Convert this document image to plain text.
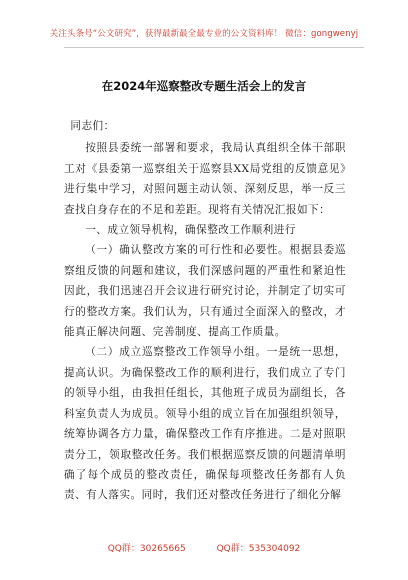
关注头条号“公文研究”，获得最新最全最专业的公文资料库！ 微信：gongwenyj
在2024年巡察整改专题生活会上的发言

同志们：

按照县委统一部署和要求，我局认真组织全体干部职工对《县委第一巡察组关于巡察县XX局党组的反馈意见》进行集中学习，对照问题主动认领、深刻反思，举一反三查找自身存在的不足和差距。现将有关情况汇报如下：

一、成立领导机构，确保整改工作顺利进行

（一）确认整改方案的可行性和必要性。根据县委巡察组反馈的问题和建议，我们深感问题的严重性和紧迫性因此，我们迅速召开会议进行研究讨论，并制定了切实可行的整改方案。我们认为，只有通过全面深入的整改，才能真正解决问题、完善制度、提高工作质量。

（二）成立巡察整改工作领导小组。一是统一思想，提高认识。为确保整改工作的顺利进行，我们成立了专门的领导小组，由我担任组长，其他班子成员为副组长，各科室负责人为成员。领导小组的成立旨在加强组织领导，统筹协调各方力量，确保整改工作有序推进。二是对照职责分工，领取整改任务。我们根据巡察反馈的问题清单明确了每个成员的整改责任，确保每项整改任务都有人负责、有人落实。同时，我们还对整改任务进行了细化分解

QQ群：30265665	QQ群：535304092
